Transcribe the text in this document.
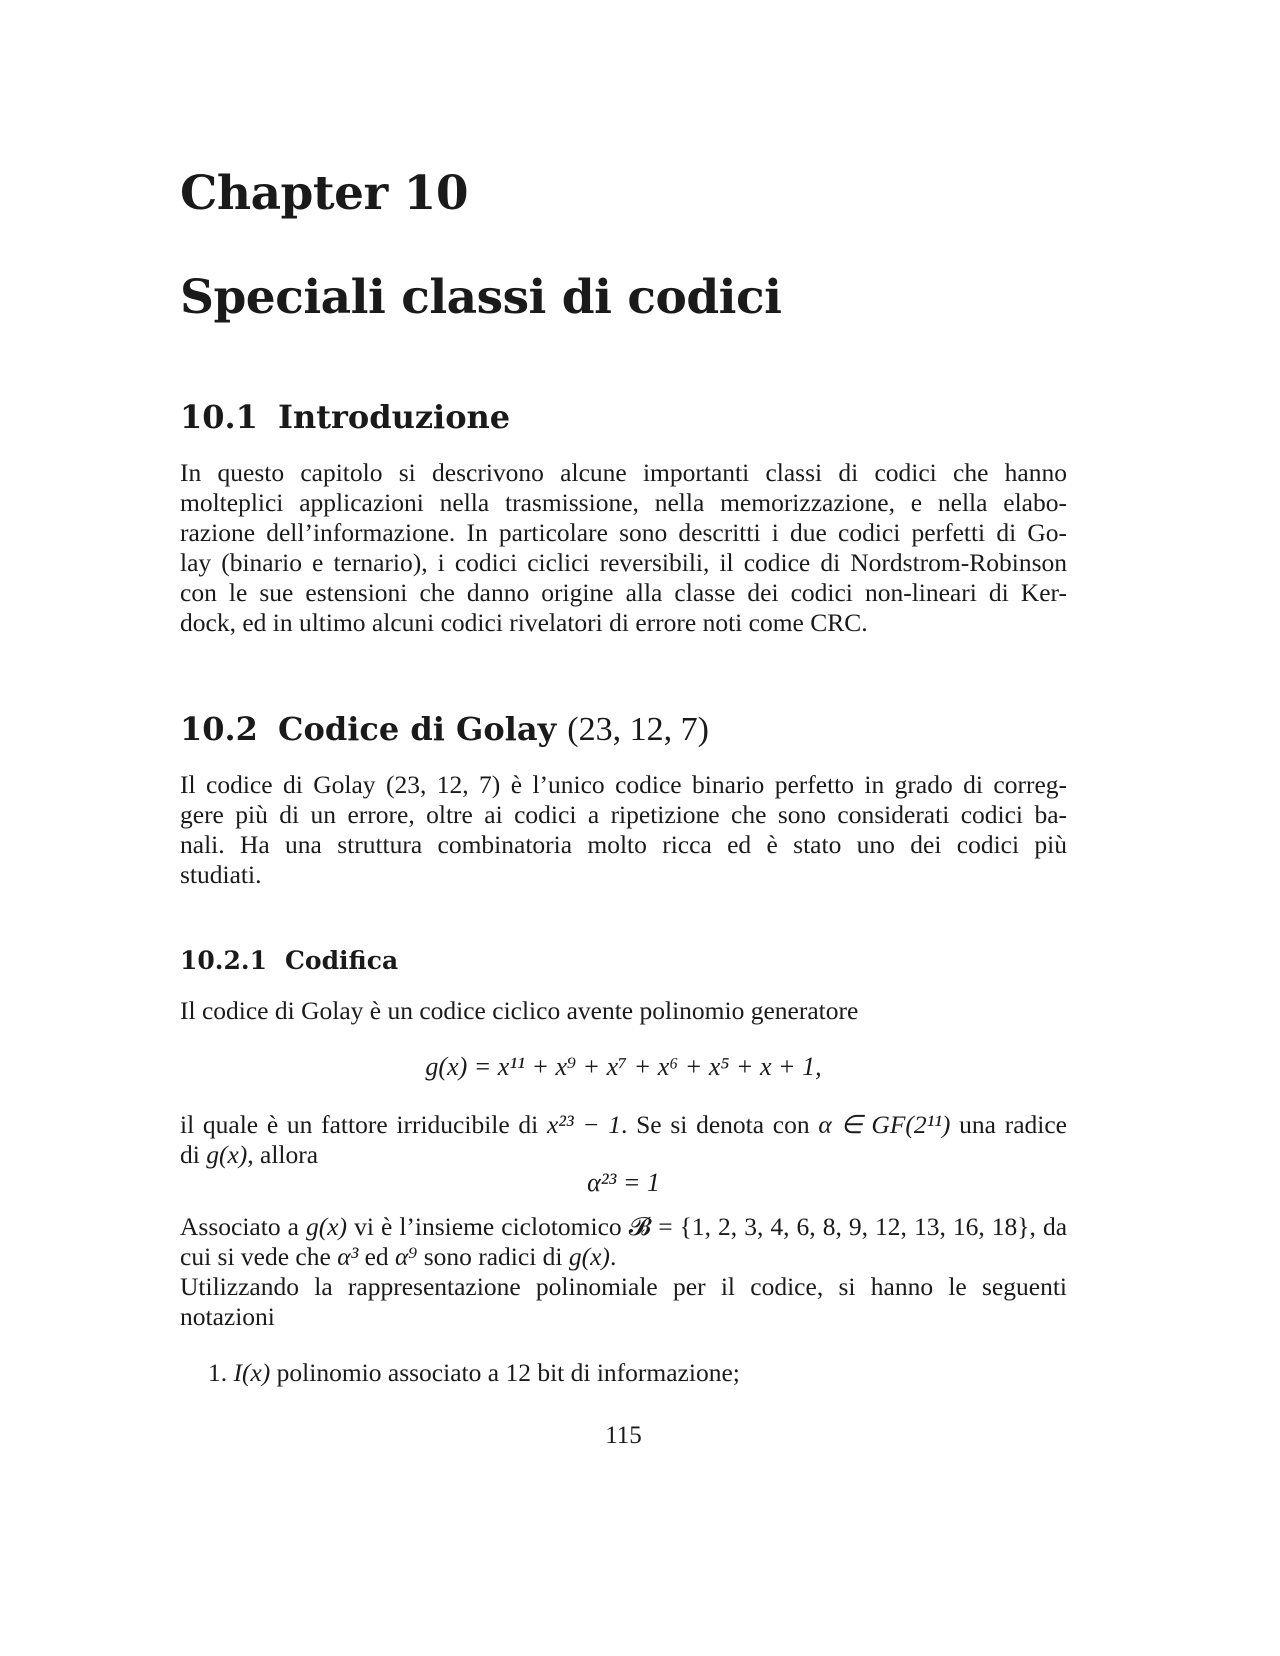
Chapter 10
Speciali classi di codici
10.1 Introduzione
In questo capitolo si descrivono alcune importanti classi di codici che hanno
molteplici applicazioni nella trasmissione, nella memorizzazione, e nella elabo-
razione dell’informazione. In particolare sono descritti i due codici perfetti di Go-
lay (binario e ternario), i codici ciclici reversibili, il codice di Nordstrom-Robinson
con le sue estensioni che danno origine alla classe dei codici non-lineari di Ker-
dock, ed in ultimo alcuni codici rivelatori di errore noti come CRC.
10.2 Codice di Golay (23, 12, 7)
Il codice di Golay (23, 12, 7) è l’unico codice binario perfetto in grado di correg-
gere più di un errore, oltre ai codici a ripetizione che sono considerati codici ba-
nali. Ha una struttura combinatoria molto ricca ed è stato uno dei codici più
studiati.
10.2.1 Codifica

Il codice di Golay è un codice ciclico avente polinomio generatore

g(x) = x¹¹ + x⁹ + x⁷ + x⁶ + x⁵ + x + 1,

il quale è un fattore irriducibile di x²³ − 1. Se si denota con α ∈ GF(2¹¹) una radice
di g(x), allora

α²³ = 1

Associato a g(x) vi è l’insieme ciclotomico 𝓑 = {1, 2, 3, 4, 6, 8, 9, 12, 13, 16, 18}, da
cui si vede che α³ ed α⁹ sono radici di g(x).
Utilizzando la rappresentazione polinomiale per il codice, si hanno le seguenti
notazioni
1. I(x) polinomio associato a 12 bit di informazione;
115
